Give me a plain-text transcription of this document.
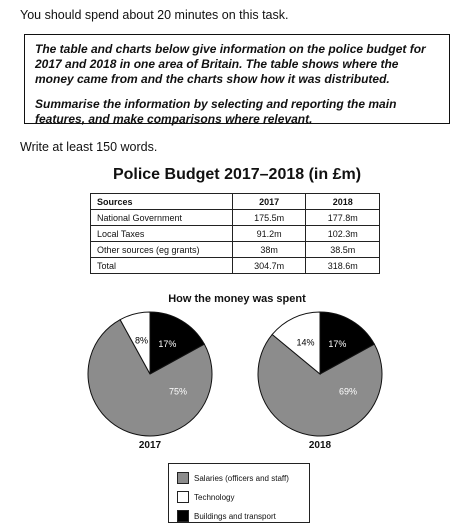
You should spend about 20 minutes on this task.

The table and charts below give information on the police budget for 2017 and 2018 in one area of Britain. The table shows where the money came from and the charts show how it was distributed.

Summarise the information by selecting and reporting the main features, and make comparisons where relevant.

Write at least 150 words.
Police Budget 2017–2018 (in £m)
Sources	2017	2018
National Government	175.5m	177.8m
Local Taxes	91.2m	102.3m
Other sources (eg grants)	38m	38.5m
Total	304.7m	318.6m
How the money was spent
17%
75%
8%
2017
17%
69%
14%
2018
Salaries (officers and staff)
Technology
Buildings and transport
